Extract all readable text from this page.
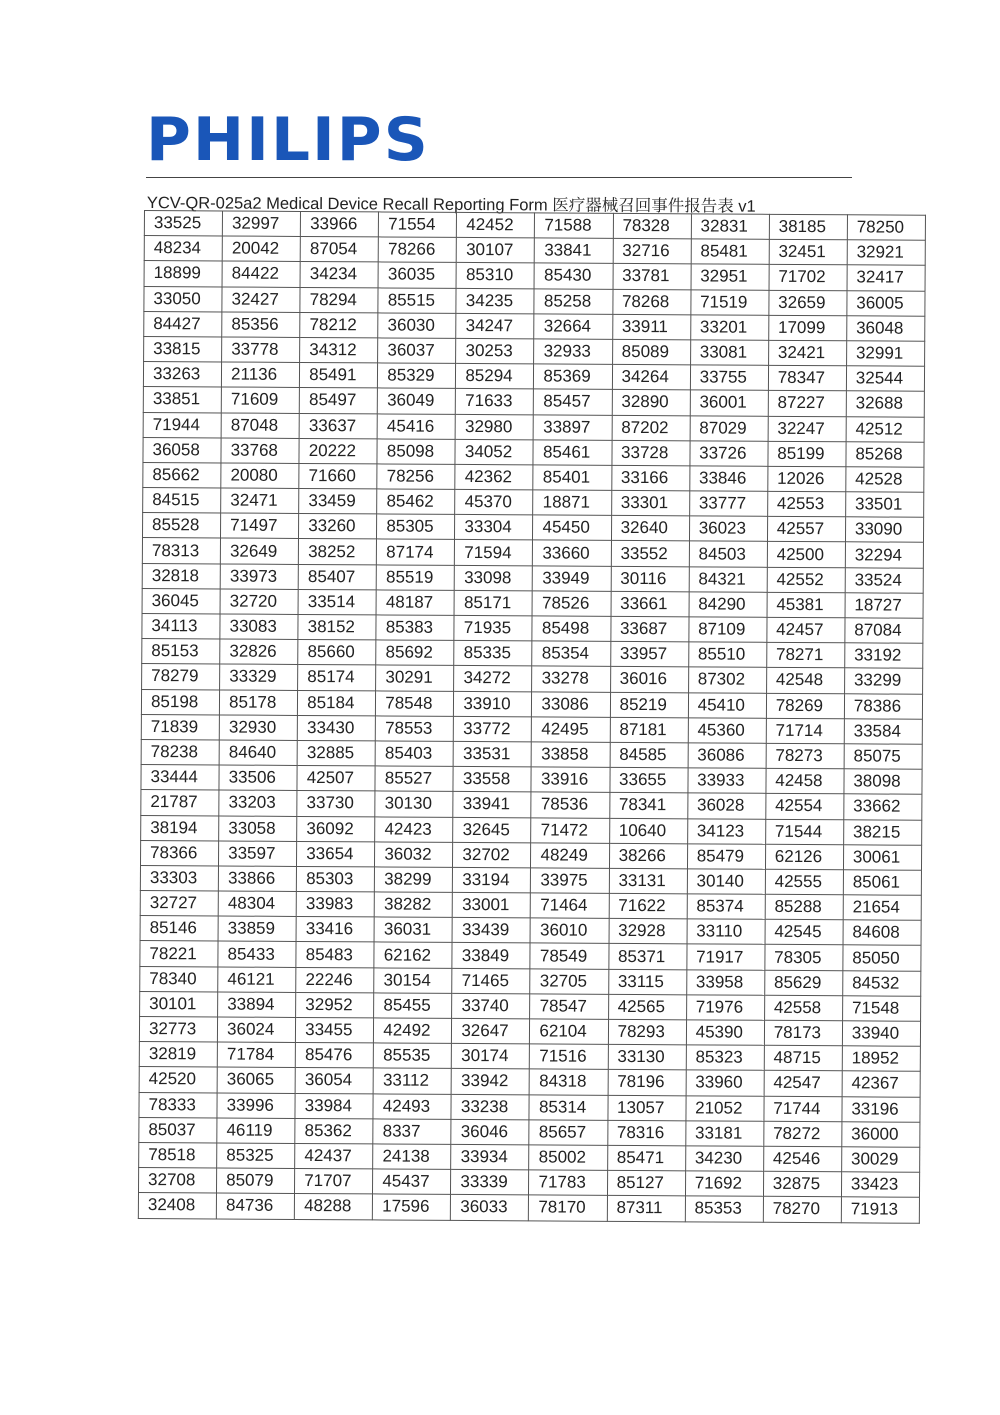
PHILIPS
YCV-QR-025a2 Medical Device Recall Reporting Form 医疗器械召回事件报告表 v1
33525	32997	33966	71554	42452	71588	78328	32831	38185	78250
48234	20042	87054	78266	30107	33841	32716	85481	32451	32921
18899	84422	34234	36035	85310	85430	33781	32951	71702	32417
33050	32427	78294	85515	34235	85258	78268	71519	32659	36005
84427	85356	78212	36030	34247	32664	33911	33201	17099	36048
33815	33778	34312	36037	30253	32933	85089	33081	32421	32991
33263	21136	85491	85329	85294	85369	34264	33755	78347	32544
33851	71609	85497	36049	71633	85457	32890	36001	87227	32688
71944	87048	33637	45416	32980	33897	87202	87029	32247	42512
36058	33768	20222	85098	34052	85461	33728	33726	85199	85268
85662	20080	71660	78256	42362	85401	33166	33846	12026	42528
84515	32471	33459	85462	45370	18871	33301	33777	42553	33501
85528	71497	33260	85305	33304	45450	32640	36023	42557	33090
78313	32649	38252	87174	71594	33660	33552	84503	42500	32294
32818	33973	85407	85519	33098	33949	30116	84321	42552	33524
36045	32720	33514	48187	85171	78526	33661	84290	45381	18727
34113	33083	38152	85383	71935	85498	33687	87109	42457	87084
85153	32826	85660	85692	85335	85354	33957	85510	78271	33192
78279	33329	85174	30291	34272	33278	36016	87302	42548	33299
85198	85178	85184	78548	33910	33086	85219	45410	78269	78386
71839	32930	33430	78553	33772	42495	87181	45360	71714	33584
78238	84640	32885	85403	33531	33858	84585	36086	78273	85075
33444	33506	42507	85527	33558	33916	33655	33933	42458	38098
21787	33203	33730	30130	33941	78536	78341	36028	42554	33662
38194	33058	36092	42423	32645	71472	10640	34123	71544	38215
78366	33597	33654	36032	32702	48249	38266	85479	62126	30061
33303	33866	85303	38299	33194	33975	33131	30140	42555	85061
32727	48304	33983	38282	33001	71464	71622	85374	85288	21654
85146	33859	33416	36031	33439	36010	32928	33110	42545	84608
78221	85433	85483	62162	33849	78549	85371	71917	78305	85050
78340	46121	22246	30154	71465	32705	33115	33958	85629	84532
30101	33894	32952	85455	33740	78547	42565	71976	42558	71548
32773	36024	33455	42492	32647	62104	78293	45390	78173	33940
32819	71784	85476	85535	30174	71516	33130	85323	48715	18952
42520	36065	36054	33112	33942	84318	78196	33960	42547	42367
78333	33996	33984	42493	33238	85314	13057	21052	71744	33196
85037	46119	85362	8337	36046	85657	78316	33181	78272	36000
78518	85325	42437	24138	33934	85002	85471	34230	42546	30029
32708	85079	71707	45437	33339	71783	85127	71692	32875	33423
32408	84736	48288	17596	36033	78170	87311	85353	78270	71913
